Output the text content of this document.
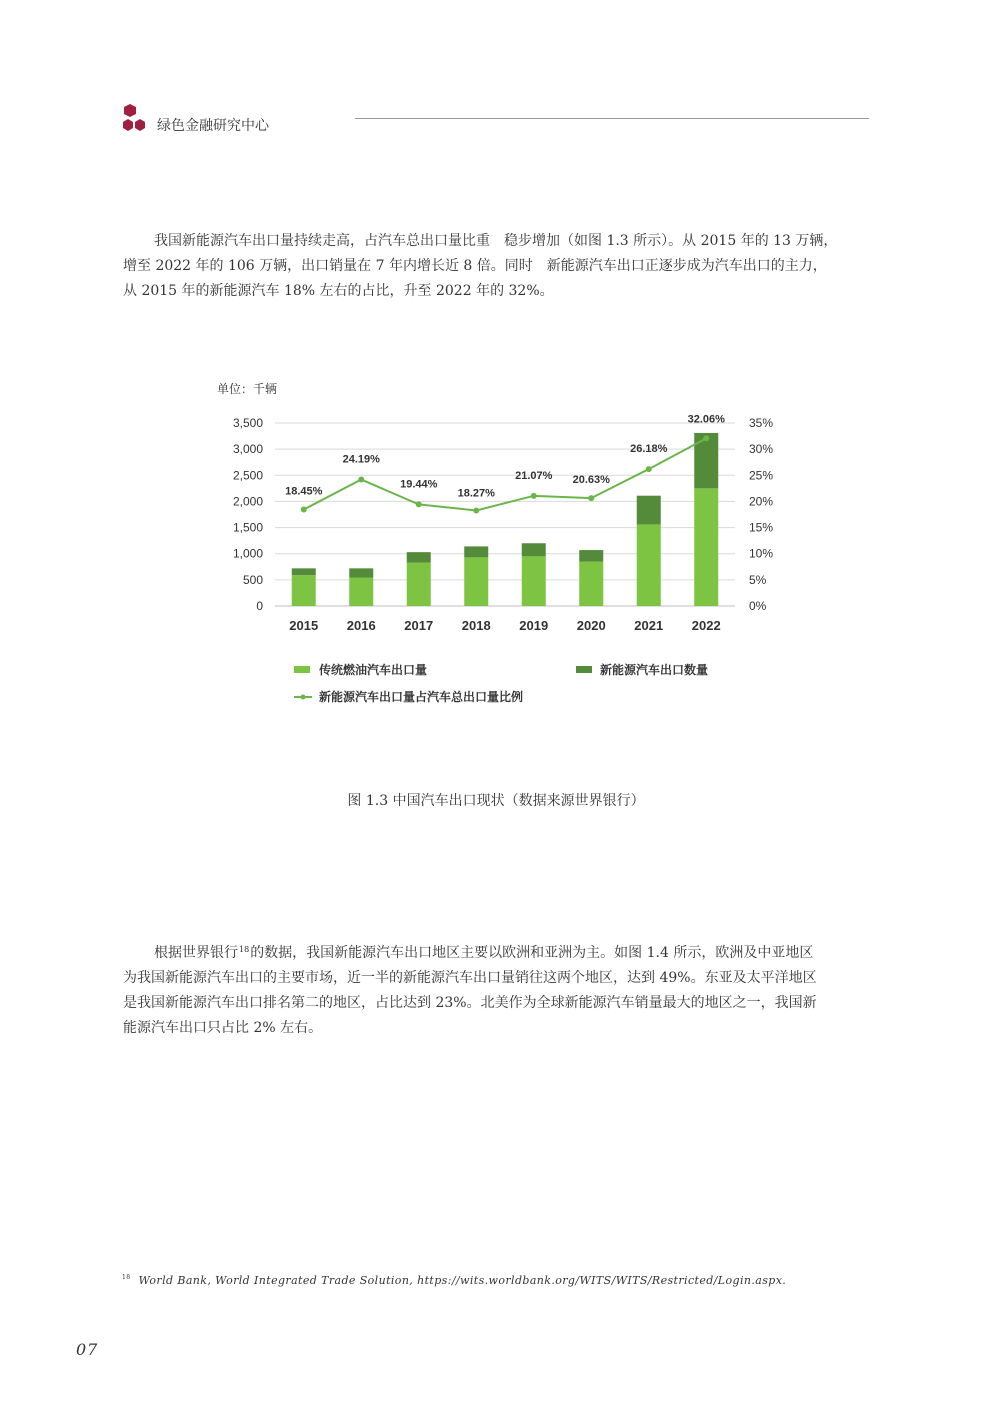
绿色金融研究中心

我国新能源汽车出口量持续走高，占汽车总出口量比重　稳步增加（如图 1.3 所示）。从 2015 年的 13 万辆，
增至 2022 年的 106 万辆，出口销量在 7 年内增长近 8 倍。同时　新能源汽车出口正逐步成为汽车出口的主力，
从 2015 年的新能源汽车 18% 左右的占比，升至 2022 年的 32%。

单位：千辆
0
500
1,000
1,500
2,000
2,500
3,000
3,500
0%
5%
10%
15%
20%
25%
30%
35%
2015 2016 2017 2018 2019 2020 2021 2022
18.45%
24.19%
19.44%
18.27%
21.07% 20.63%
26.18%
32.06%
传统燃油汽车出口量	新能源汽车出口数量
新能源汽车出口量占汽车总出口量比例
图 1.3 中国汽车出口现状（数据来源世界银行）

根据世界银行$^{18}$的数据，我国新能源汽车出口地区主要以欧洲和亚洲为主。如图 1.4 所示，欧洲及中亚地区
为我国新能源汽车出口的主要市场，近一半的新能源汽车出口量销往这两个地区，达到 49%。东亚及太平洋地区
是我国新能源汽车出口排名第二的地区，占比达到 23%。北美作为全球新能源汽车销量最大的地区之一，我国新
能源汽车出口只占比 2% 左右。

$^{18}$ World Bank, World Integrated Trade Solution, https://wits.worldbank.org/WITS/WITS/Restricted/Login.aspx.
07
